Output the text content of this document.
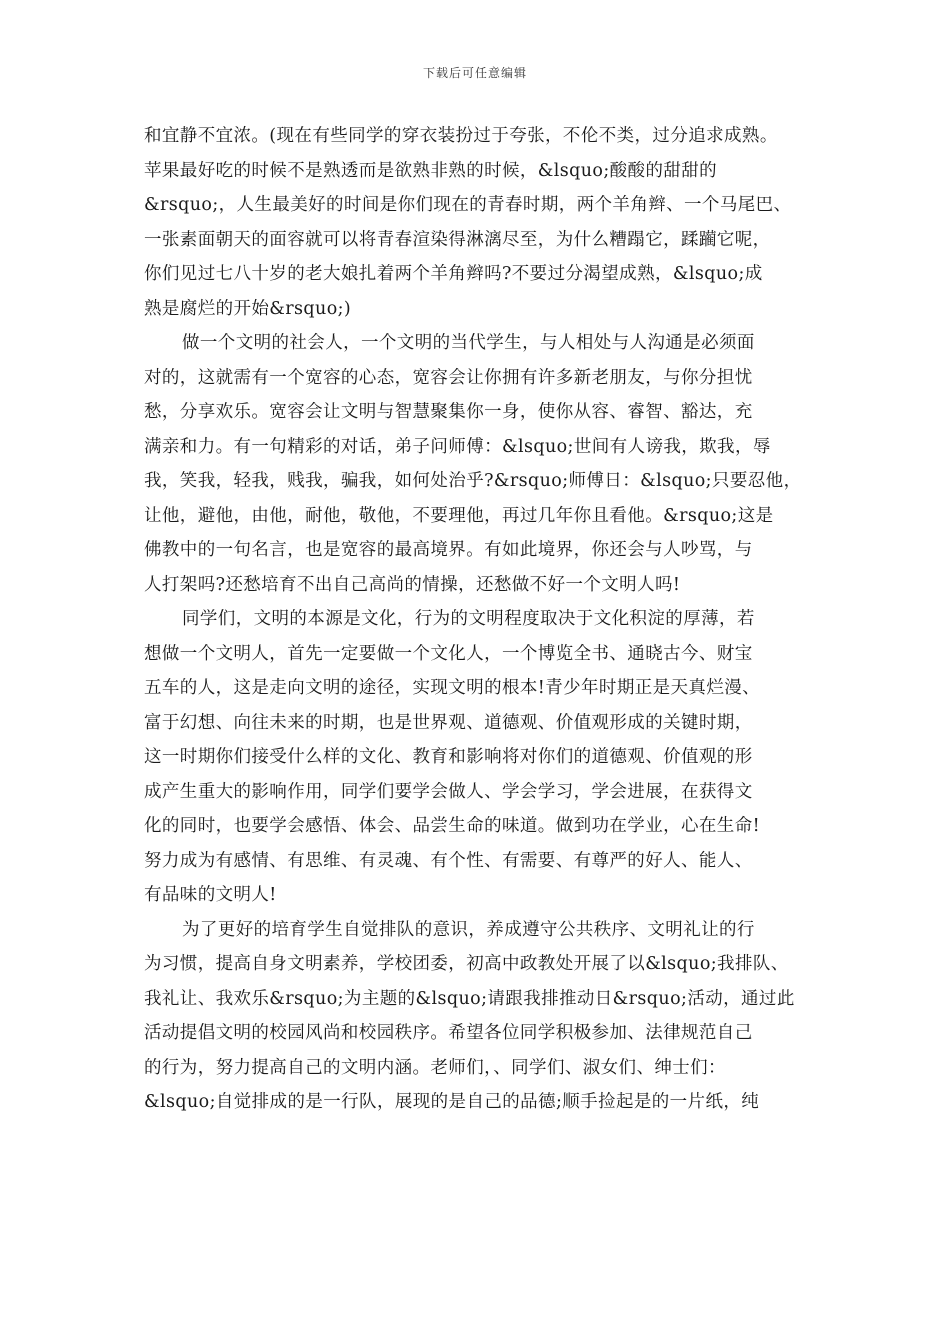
下载后可任意编辑
和宜静不宜浓。(现在有些同学的穿衣装扮过于夸张，不伦不类，过分追求成熟。
苹果最好吃的时候不是熟透而是欲熟非熟的时候，&lsquo;酸酸的甜甜的
&rsquo;，人生最美好的时间是你们现在的青春时期，两个羊角辫、一个马尾巴、
一张素面朝天的面容就可以将青春渲染得淋漓尽至，为什么糟蹋它，蹂躏它呢，
你们见过七八十岁的老大娘扎着两个羊角辫吗?不要过分渴望成熟，&lsquo;成
熟是腐烂的开始&rsquo;)
做一个文明的社会人，一个文明的当代学生，与人相处与人沟通是必须面
对的，这就需有一个宽容的心态，宽容会让你拥有许多新老朋友，与你分担忧
愁，分享欢乐。宽容会让文明与智慧聚集你一身，使你从容、睿智、豁达，充
满亲和力。有一句精彩的对话，弟子问师傅：&lsquo;世间有人谤我，欺我，辱
我，笑我，轻我，贱我，骗我，如何处治乎?&rsquo;师傅日：&lsquo;只要忍他，
让他，避他，由他，耐他，敬他，不要理他，再过几年你且看他。&rsquo;这是
佛教中的一句名言，也是宽容的最高境界。有如此境界，你还会与人吵骂，与
人打架吗?还愁培育不出自己高尚的情操，还愁做不好一个文明人吗!
同学们，文明的本源是文化，行为的文明程度取决于文化积淀的厚薄，若
想做一个文明人，首先一定要做一个文化人，一个博览全书、通晓古今、财宝
五车的人，这是走向文明的途径，实现文明的根本!青少年时期正是天真烂漫、
富于幻想、向往未来的时期，也是世界观、道德观、价值观形成的关键时期，
这一时期你们接受什么样的文化、教育和影响将对你们的道德观、价值观的形
成产生重大的影响作用，同学们要学会做人、学会学习，学会进展，在获得文
化的同时，也要学会感悟、体会、品尝生命的味道。做到功在学业，心在生命!
努力成为有感情、有思维、有灵魂、有个性、有需要、有尊严的好人、能人、
有品味的文明人!
为了更好的培育学生自觉排队的意识，养成遵守公共秩序、文明礼让的行
为习惯，提高自身文明素养，学校团委，初高中政教处开展了以&lsquo;我排队、
我礼让、我欢乐&rsquo;为主题的&lsquo;请跟我排推动日&rsquo;活动，通过此
活动提倡文明的校园风尚和校园秩序。希望各位同学积极参加、法律规范自己
的行为，努力提高自己的文明内涵。老师们，、同学们、淑女们、绅士们：
&lsquo;自觉排成的是一行队，展现的是自己的品德;顺手捡起是的一片纸，纯
